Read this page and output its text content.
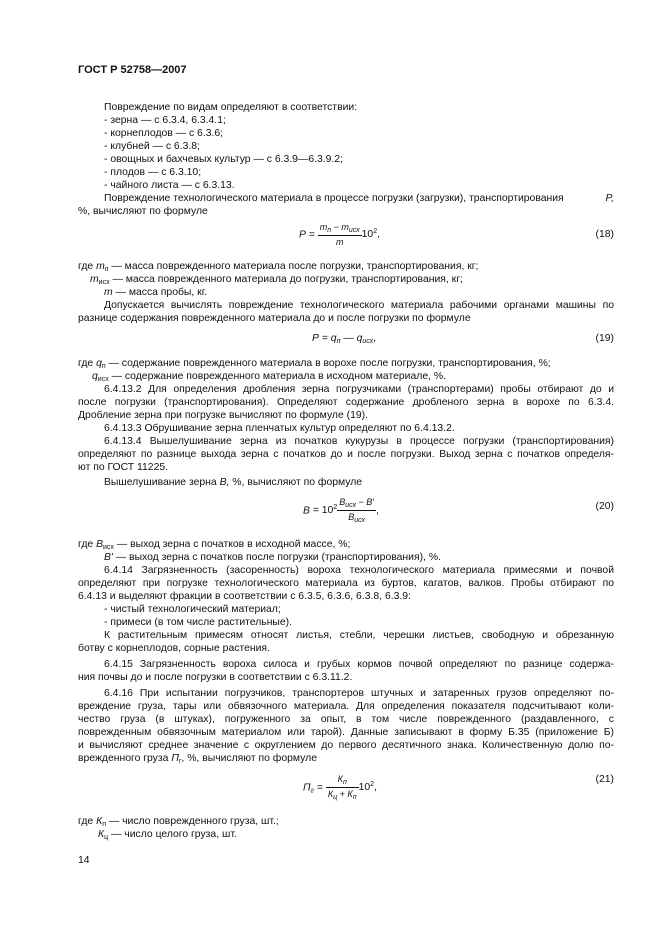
ГОСТ Р 52758—2007
Повреждение по видам определяют в соответствии:
- зерна — с 6.3.4, 6.3.4.1;
- корнеплодов — с 6.3.6;
- клубней — с 6.3.8;
- овощных и бахчевых культур — с 6.3.9—6.3.9.2;
- плодов — с 6.3.10;
- чайного листа — с 6.3.13.
Повреждение технологического материала в процессе погрузки (загрузки), транспортирования	P,
%, вычисляют по формуле
$P = \frac{m_п - m_{исх}}{m} 10^2$,	(18)
где $m_п$ — масса поврежденного материала после погрузки, транспортирования, кг;
$m_{исх}$ — масса поврежденного материала до погрузки, транспортирования, кг;
m — масса пробы, кг.
Допускается вычислять повреждение технологического материала рабочими органами машины по
разнице содержания поврежденного материала до и после погрузки по формуле
$P = q_п$ — $q_{исх}$,	(19)
где $q_п$ — содержание поврежденного материала в ворохе после погрузки, транспортирования, %;
$q_{исх}$ — содержание поврежденного материала в исходном материале, %.
6.4.13.2 Для определения дробления зерна погрузчиками (транспортерами) пробы отбирают до и
после погрузки (транспортирования). Определяют содержание дробленого зерна в ворохе по 6.3.4.
Дробление зерна при погрузке вычисляют по формуле (19).
6.4.13.3 Обрушивание зерна пленчатых культур определяют по 6.4.13.2.
6.4.13.4 Вышелушивание зерна из початков кукурузы в процессе погрузки (транспортирования)
определяют по разнице выхода зерна с початков до и после погрузки. Выход зерна с початков определя-
ют по ГОСТ 11225.
Вышелушивание зерна B, %, вычисляют по формуле
$B = 10^2 \frac{B_{исх} - B'}{B_{исх}}$ ,	(20)
где $B_{исх}$ — выход зерна с початков в исходной массе, %;
B′ — выход зерна с початков после погрузки (транспортирования), %.
6.4.14 Загрязненность (засоренность) вороха технологического материала примесями и почвой
определяют при погрузке технологического материала из буртов, кагатов, валков. Пробы отбирают по
6.4.13 и выделяют фракции в соответствии с 6.3.5, 6.3.6, 6.3.8, 6.3.9:
- чистый технологический материал;
- примеси (в том числе растительные).
К растительным примесям относят листья, стебли, черешки листьев, свободную и обрезанную
ботву с корнеплодов, сорные растения.
6.4.15 Загрязненность вороха силоса и грубых кормов почвой определяют по разнице содержа-
ния почвы до и после погрузки в соответствии с 6.3.11.2.
6.4.16 При испытании погрузчиков, транспортеров штучных и затаренных грузов определяют по-
вреждение груза, тары или обвязочного материала. Для определения показателя подсчитывают коли-
чество груза (в штуках), погруженного за опыт, в том числе поврежденного (раздавленного, с
поврежденным обвязочным материалом или тарой). Данные записывают в форму Б.35 (приложение Б)
и вычисляют среднее значение с округлением до первого десятичного знака. Количественную долю по-
врежденного груза $П_г$, %, вычисляют по формуле
$П_г = \frac{К_п}{К_ц + К_п} 10^2$,
(21)
где $К_п$ — число поврежденного груза, шт.;
$К_ц$ — число целого груза, шт.
14
